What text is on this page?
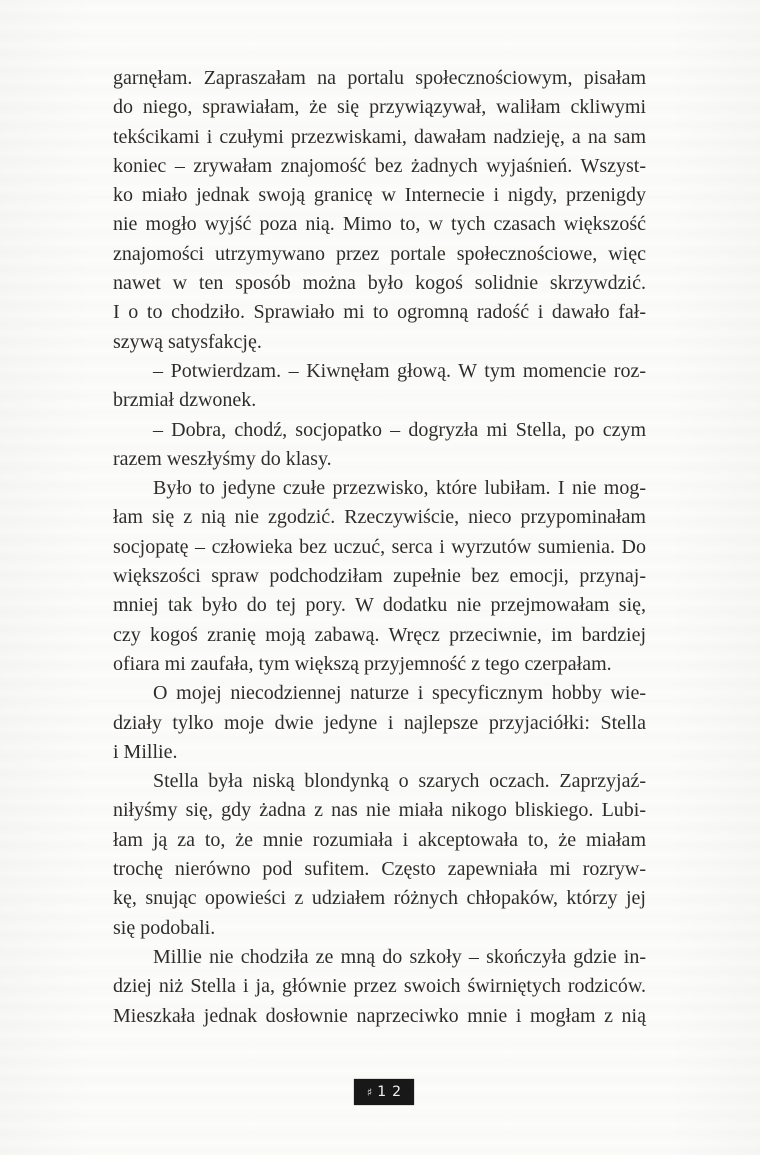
garnęłam. Zapraszałam na portalu społecznościowym, pisałam
do niego, sprawiałam, że się przywiązywał, waliłam ckliwymi
tekścikami i czułymi przezwiskami, dawałam nadzieję, a na sam
koniec – zrywałam znajomość bez żadnych wyjaśnień. Wszyst-
ko miało jednak swoją granicę w Internecie i nigdy, przenigdy
nie mogło wyjść poza nią. Mimo to, w tych czasach większość
znajomości utrzymywano przez portale społecznościowe, więc
nawet w ten sposób można było kogoś solidnie skrzywdzić.
I o to chodziło. Sprawiało mi to ogromną radość i dawało fał-
szywą satysfakcję.
– Potwierdzam. – Kiwnęłam głową. W tym momencie roz-
brzmiał dzwonek.
– Dobra, chodź, socjopatko – dogryzła mi Stella, po czym
razem weszłyśmy do klasy.
Było to jedyne czułe przezwisko, które lubiłam. I nie mog-
łam się z nią nie zgodzić. Rzeczywiście, nieco przypominałam
socjopatę – człowieka bez uczuć, serca i wyrzutów sumienia. Do
większości spraw podchodziłam zupełnie bez emocji, przynaj-
mniej tak było do tej pory. W dodatku nie przejmowałam się,
czy kogoś zranię moją zabawą. Wręcz przeciwnie, im bardziej
ofiara mi zaufała, tym większą przyjemność z tego czerpałam.
O mojej niecodziennej naturze i specyficznym hobby wie-
działy tylko moje dwie jedyne i najlepsze przyjaciółki: Stella
i Millie.
Stella była niską blondynką o szarych oczach. Zaprzyjaź-
niłyśmy się, gdy żadna z nas nie miała nikogo bliskiego. Lubi-
łam ją za to, że mnie rozumiała i akceptowała to, że miałam
trochę nierówno pod sufitem. Często zapewniała mi rozryw-
kę, snując opowieści z udziałem różnych chłopaków, którzy jej
się podobali.
Millie nie chodziła ze mną do szkoły – skończyła gdzie in-
dziej niż Stella i ja, głównie przez swoich świrniętych rodziców.
Mieszkała jednak dosłownie naprzeciwko mnie i mogłam z nią
♯ 12
